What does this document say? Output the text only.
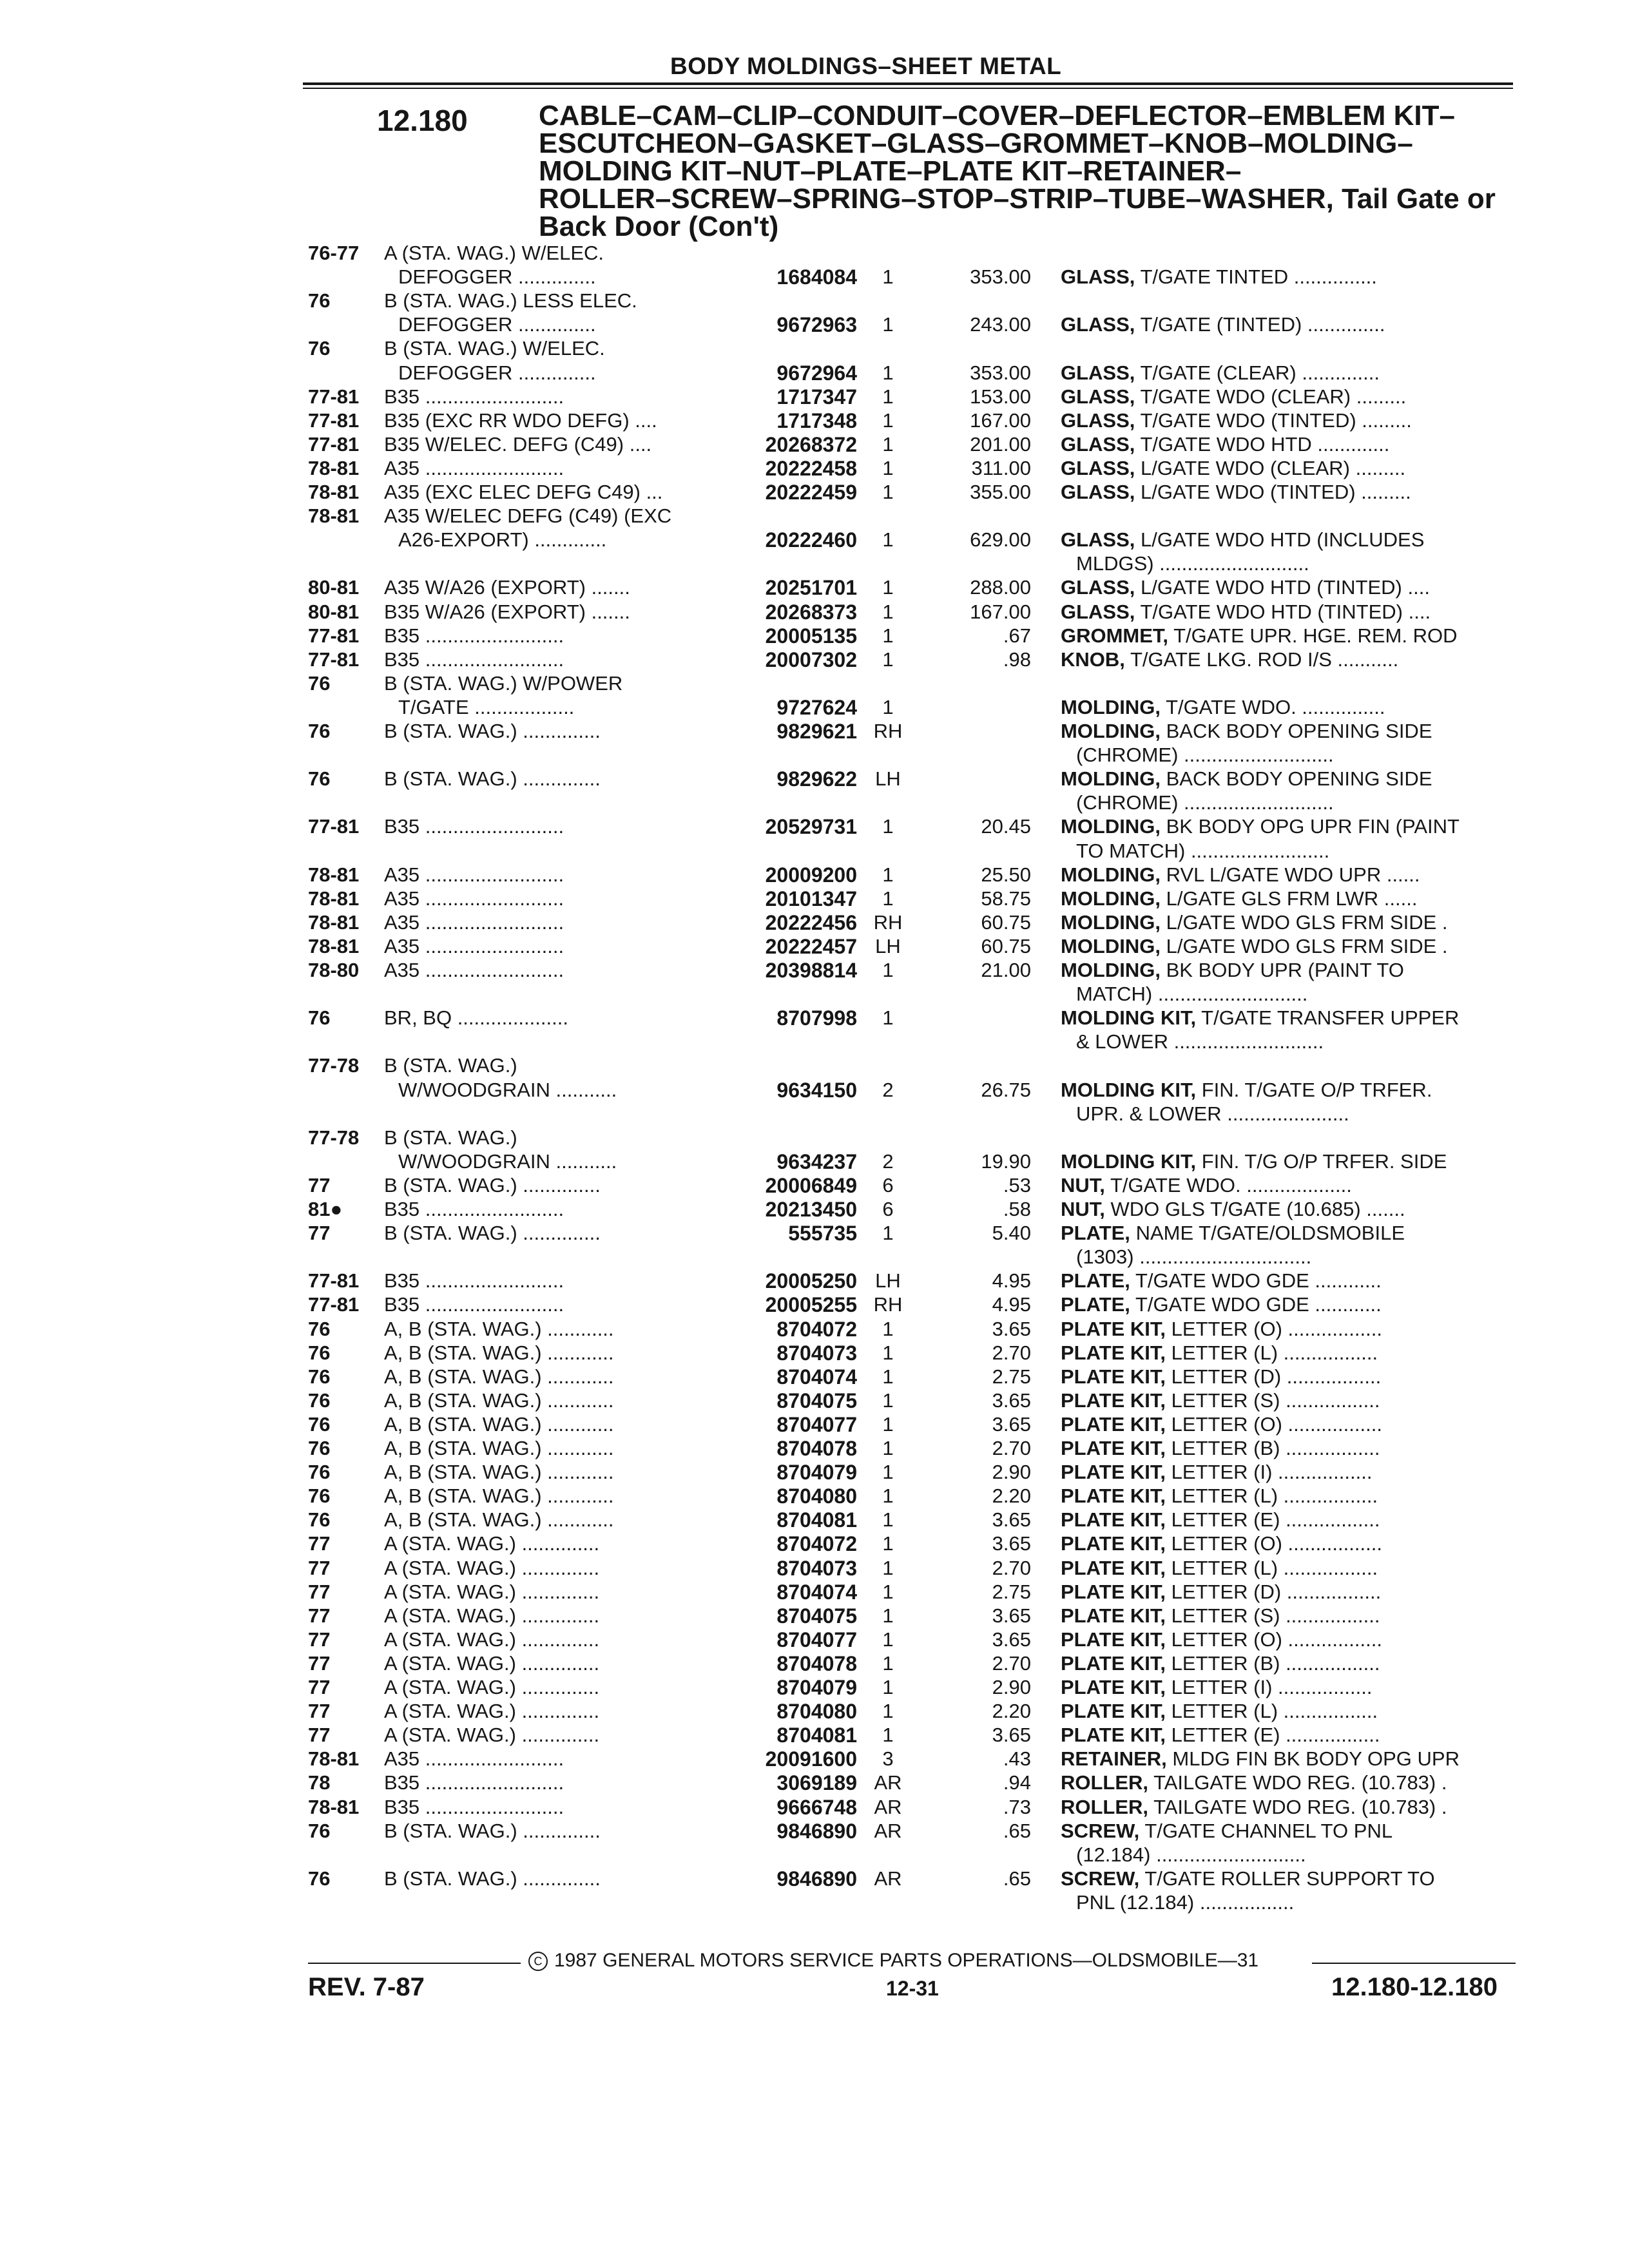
BODY MOLDINGS–SHEET METAL
12.180	CABLE–CAM–CLIP–CONDUIT–COVER–DEFLECTOR–EMBLEM KIT–
ESCUTCHEON–GASKET–GLASS–GROMMET–KNOB–MOLDING–
MOLDING KIT–NUT–PLATE–PLATE KIT–RETAINER–
ROLLER–SCREW–SPRING–STOP–STRIP–TUBE–WASHER, Tail Gate or
Back Door (Con't)
76-77 A (STA. WAG.) W/ELEC.
DEFOGGER ..............	1684084	1	353.00 GLASS, T/GATE TINTED ...............
76	B (STA. WAG.) LESS ELEC.
DEFOGGER ..............	9672963	1	243.00 GLASS, T/GATE (TINTED) ..............
76	B (STA. WAG.) W/ELEC.
DEFOGGER ..............	9672964	1	353.00 GLASS, T/GATE (CLEAR) ..............
77-81 B35 .........................	1717347	1	153.00 GLASS, T/GATE WDO (CLEAR) .........
77-81 B35 (EXC RR WDO DEFG) ....	1717348	1	167.00 GLASS, T/GATE WDO (TINTED) .........
77-81 B35 W/ELEC. DEFG (C49) ....	20268372	1	201.00 GLASS, T/GATE WDO HTD .............
78-81 A35 .........................	20222458	1	311.00 GLASS, L/GATE WDO (CLEAR) .........
78-81 A35 (EXC ELEC DEFG C49) ...	20222459	1	355.00 GLASS, L/GATE WDO (TINTED) .........
78-81 A35 W/ELEC DEFG (C49) (EXC
A26-EXPORT) .............	20222460	1	629.00 GLASS, L/GATE WDO HTD (INCLUDES
MLDGS) ...........................
80-81 A35 W/A26 (EXPORT) .......	20251701	1	288.00 GLASS, L/GATE WDO HTD (TINTED) ....
80-81 B35 W/A26 (EXPORT) .......	20268373	1	167.00 GLASS, T/GATE WDO HTD (TINTED) ....
77-81 B35 .........................	20005135	1	.67 GROMMET, T/GATE UPR. HGE. REM. ROD
77-81 B35 .........................	20007302	1	.98 KNOB, T/GATE LKG. ROD I/S ...........
76	B (STA. WAG.) W/POWER
T/GATE ..................	9727624	1	MOLDING, T/GATE WDO. ...............
76	B (STA. WAG.) ..............	9829621 RH	MOLDING, BACK BODY OPENING SIDE
(CHROME) ...........................
76	B (STA. WAG.) ..............	9829622 LH	MOLDING, BACK BODY OPENING SIDE
(CHROME) ...........................
77-81 B35 .........................	20529731	1	20.45 MOLDING, BK BODY OPG UPR FIN (PAINT
TO MATCH) .........................
78-81 A35 .........................	20009200	1	25.50 MOLDING, RVL L/GATE WDO UPR ......
78-81 A35 .........................	20101347	1	58.75 MOLDING, L/GATE GLS FRM LWR ......
78-81 A35 .........................	20222456 RH	60.75 MOLDING, L/GATE WDO GLS FRM SIDE .
78-81 A35 .........................	20222457 LH	60.75 MOLDING, L/GATE WDO GLS FRM SIDE .
78-80 A35 .........................	20398814	1	21.00 MOLDING, BK BODY UPR (PAINT TO
MATCH) ...........................
76	BR, BQ ....................	8707998	1	MOLDING KIT, T/GATE TRANSFER UPPER
& LOWER ...........................
77-78 B (STA. WAG.)
W/WOODGRAIN ...........	9634150	2	26.75 MOLDING KIT, FIN. T/GATE O/P TRFER.
UPR. & LOWER ......................
77-78 B (STA. WAG.)
W/WOODGRAIN ...........	9634237	2	19.90 MOLDING KIT, FIN. T/G O/P TRFER. SIDE
77	B (STA. WAG.) ..............	20006849	6	.53 NUT, T/GATE WDO. ...................
81● B35 .........................	20213450	6	.58 NUT, WDO GLS T/GATE (10.685) .......
77	B (STA. WAG.) ..............	555735	1	5.40 PLATE, NAME T/GATE/OLDSMOBILE
(1303) ...............................
77-81 B35 .........................	20005250 LH	4.95 PLATE, T/GATE WDO GDE ............
77-81 B35 .........................	20005255 RH	4.95 PLATE, T/GATE WDO GDE ............
76	A, B (STA. WAG.) ............	8704072	1	3.65 PLATE KIT, LETTER (O) .................
76	A, B (STA. WAG.) ............	8704073	1	2.70 PLATE KIT, LETTER (L) .................
76	A, B (STA. WAG.) ............	8704074	1	2.75 PLATE KIT, LETTER (D) .................
76	A, B (STA. WAG.) ............	8704075	1	3.65 PLATE KIT, LETTER (S) .................
76	A, B (STA. WAG.) ............	8704077	1	3.65 PLATE KIT, LETTER (O) .................
76	A, B (STA. WAG.) ............	8704078	1	2.70 PLATE KIT, LETTER (B) .................
76	A, B (STA. WAG.) ............	8704079	1	2.90 PLATE KIT, LETTER (I) .................
76	A, B (STA. WAG.) ............	8704080	1	2.20 PLATE KIT, LETTER (L) .................
76	A, B (STA. WAG.) ............	8704081	1	3.65 PLATE KIT, LETTER (E) .................
77	A (STA. WAG.) ..............	8704072	1	3.65 PLATE KIT, LETTER (O) .................
77	A (STA. WAG.) ..............	8704073	1	2.70 PLATE KIT, LETTER (L) .................
77	A (STA. WAG.) ..............	8704074	1	2.75 PLATE KIT, LETTER (D) .................
77	A (STA. WAG.) ..............	8704075	1	3.65 PLATE KIT, LETTER (S) .................
77	A (STA. WAG.) ..............	8704077	1	3.65 PLATE KIT, LETTER (O) .................
77	A (STA. WAG.) ..............	8704078	1	2.70 PLATE KIT, LETTER (B) .................
77	A (STA. WAG.) ..............	8704079	1	2.90 PLATE KIT, LETTER (I) .................
77	A (STA. WAG.) ..............	8704080	1	2.20 PLATE KIT, LETTER (L) .................
77	A (STA. WAG.) ..............	8704081	1	3.65 PLATE KIT, LETTER (E) .................
78-81 A35 .........................	20091600	3	.43 RETAINER, MLDG FIN BK BODY OPG UPR
78	B35 .........................	3069189 AR	.94 ROLLER, TAILGATE WDO REG. (10.783) .
78-81 B35 .........................	9666748 AR	.73 ROLLER, TAILGATE WDO REG. (10.783) .
76	B (STA. WAG.) ..............	9846890 AR	.65 SCREW, T/GATE CHANNEL TO PNL
(12.184) ...........................
76	B (STA. WAG.) ..............	9846890 AR	.65 SCREW, T/GATE ROLLER SUPPORT TO
PNL (12.184) .................
C 1987 GENERAL MOTORS SERVICE PARTS OPERATIONS—OLDSMOBILE—31
REV. 7-87	12-31	12.180-12.180
